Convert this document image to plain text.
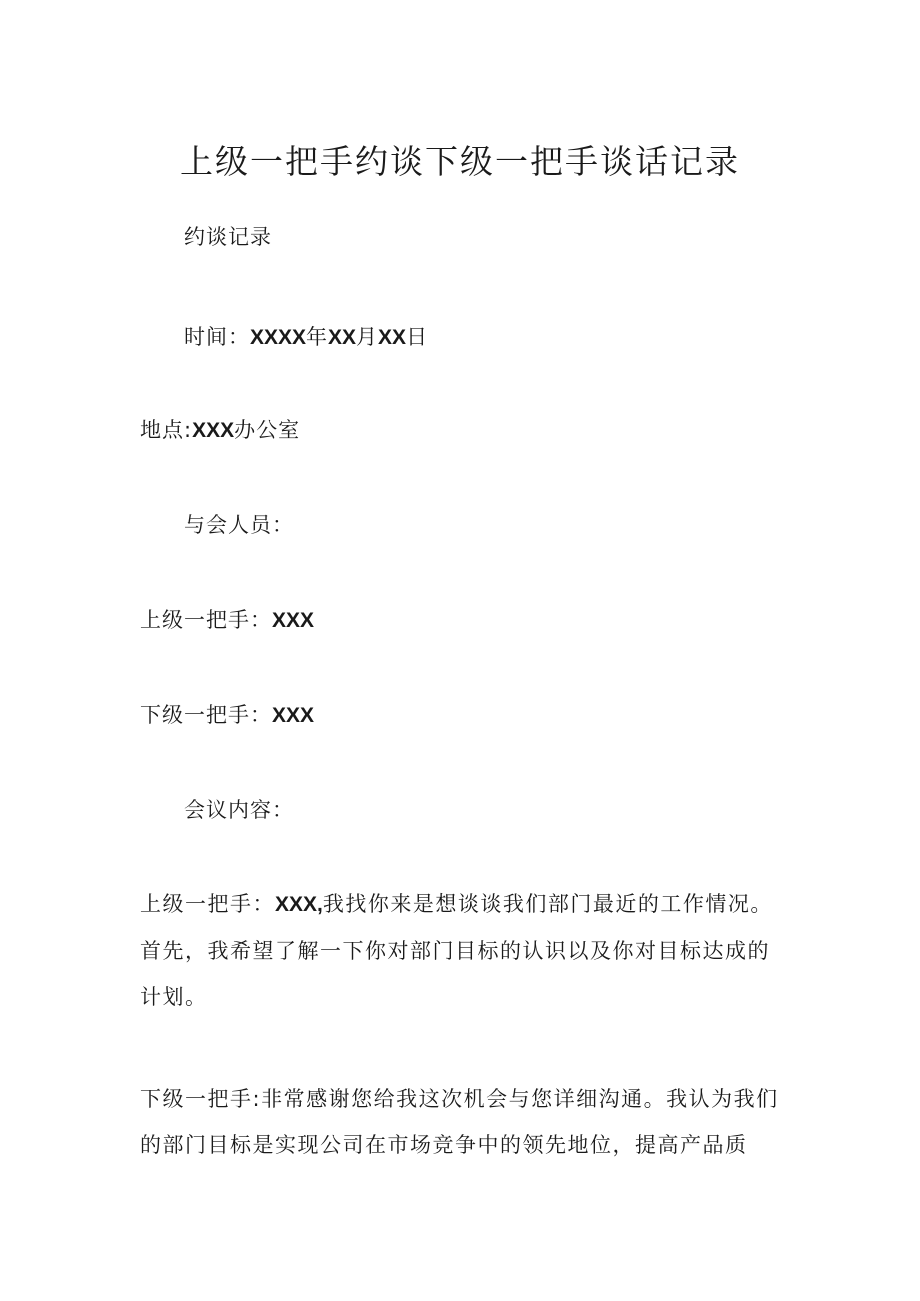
上级一把手约谈下级一把手谈话记录
约谈记录
时间：XXXX年XX月XX日
地点:XXX办公室
与会人员：
上级一把手：XXX
下级一把手：XXX
会议内容：

上级一把手：XXX,我找你来是想谈谈我们部门最近的工作情况。首先，我希望了解一下你对部门目标的认识以及你对目标达成的计划。

下级一把手:非常感谢您给我这次机会与您详细沟通。我认为我们的部门目标是实现公司在市场竞争中的领先地位，提高产品质
